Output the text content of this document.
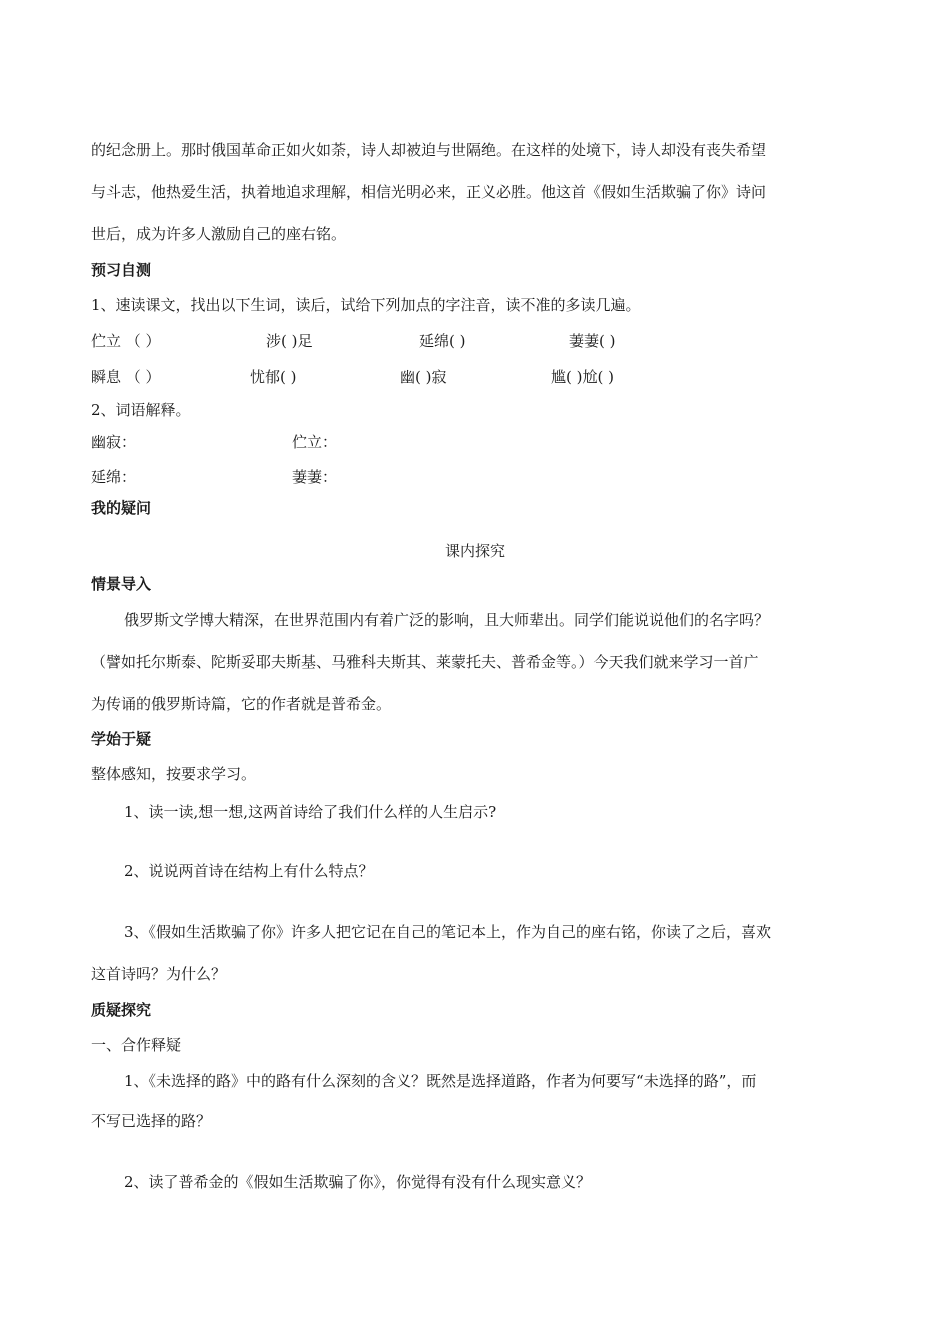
的纪念册上。那时俄国革命正如火如荼，诗人却被迫与世隔绝。在这样的处境下，诗人却没有丧失希望
与斗志，他热爱生活，执着地追求理解，相信光明必来，正义必胜。他这首《假如生活欺骗了你》诗问
世后，成为许多人激励自己的座右铭。
预习自测
1、速读课文，找出以下生词，读后，试给下列加点的字注音，读不准的多读几遍。
伫立 （ ）	涉( )足	延绵( )	萋萋( )
瞬息 （ ）	忧郁( )	幽( )寂	尴( )尬( )
2、词语解释。
幽寂：	伫立：
延绵：	萋萋：
我的疑问
课内探究
情景导入
俄罗斯文学博大精深，在世界范围内有着广泛的影响，且大师辈出。同学们能说说他们的名字吗？
（譬如托尔斯泰、陀斯妥耶夫斯基、马雅科夫斯其、莱蒙托夫、普希金等。）今天我们就来学习一首广
为传诵的俄罗斯诗篇，它的作者就是普希金。
学始于疑
整体感知，按要求学习。
1、读一读,想一想,这两首诗给了我们什么样的人生启示?
2、说说两首诗在结构上有什么特点？
3、《假如生活欺骗了你》许多人把它记在自己的笔记本上，作为自己的座右铭，你读了之后，喜欢
这首诗吗？为什么？
质疑探究
一、合作释疑
1、《未选择的路》中的路有什么深刻的含义？既然是选择道路，作者为何要写“未选择的路”，而
不写已选择的路？
2、读了普希金的《假如生活欺骗了你》，你觉得有没有什么现实意义？
